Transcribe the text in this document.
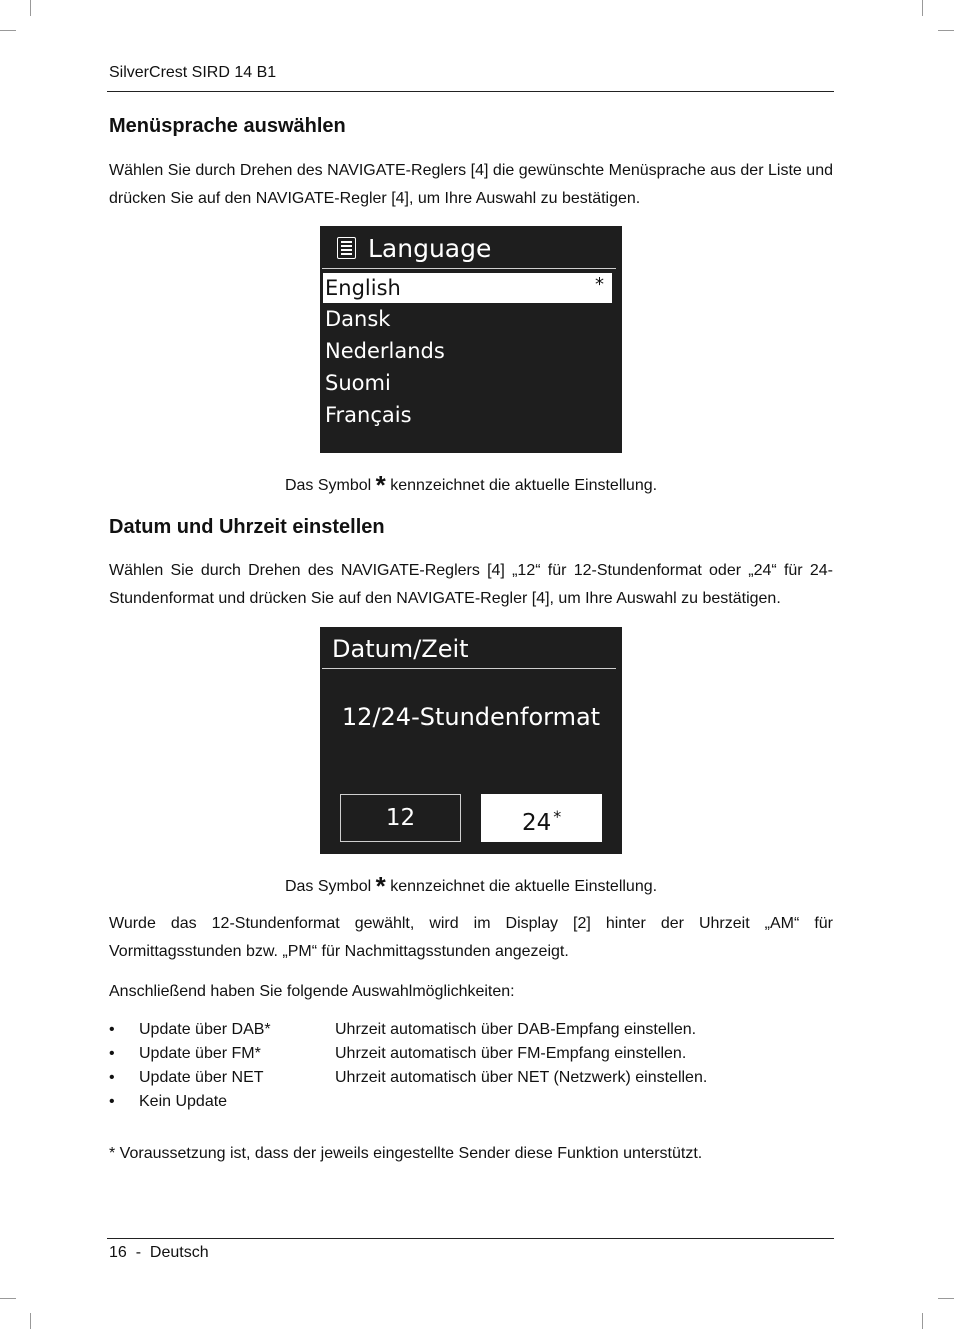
SilverCrest SIRD 14 B1
Menüsprache auswählen

Wählen Sie durch Drehen des NAVIGATE-Reglers [4] die gewünschte Menüsprache aus der Liste und drücken Sie auf den NAVIGATE-Regler [4], um Ihre Auswahl zu bestätigen.

Language
English	*
Dansk
Nederlands
Suomi
Français
Das Symbol * kennzeichnet die aktuelle Einstellung.
Datum und Uhrzeit einstellen

Wählen Sie durch Drehen des NAVIGATE-Reglers [4] „12“ für 12-Stundenformat oder „24“ für 24-Stundenformat und drücken Sie auf den NAVIGATE-Regler [4], um Ihre Auswahl zu bestätigen.

Datum/Zeit
12/24-Stundenformat
12	24 *
Das Symbol * kennzeichnet die aktuelle Einstellung.

Wurde das 12-Stundenformat gewählt, wird im Display [2] hinter der Uhrzeit „AM“ für Vormittagsstunden bzw. „PM“ für Nachmittagsstunden angezeigt.

Anschließend haben Sie folgende Auswahlmöglichkeiten:

• Update über DAB*	Uhrzeit automatisch über DAB-Empfang einstellen.
• Update über FM*	Uhrzeit automatisch über FM-Empfang einstellen.
• Update über NET	Uhrzeit automatisch über NET (Netzwerk) einstellen.
• Kein Update

* Voraussetzung ist, dass der jeweils eingestellte Sender diese Funktion unterstützt.

16  -  Deutsch
